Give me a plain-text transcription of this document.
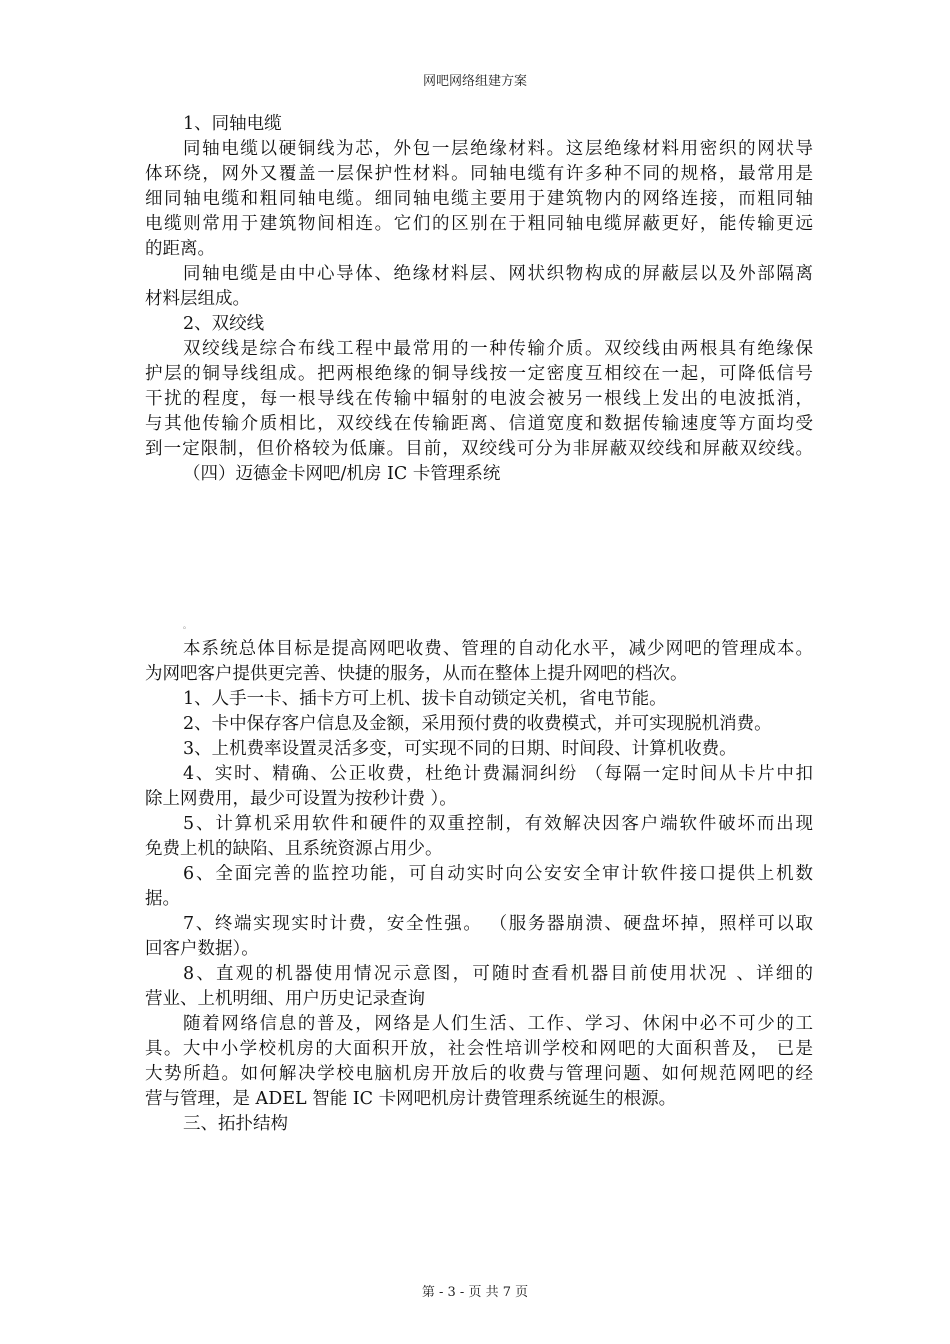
网吧网络组建方案
1、同轴电缆
同轴电缆以硬铜线为芯，外包一层绝缘材料。这层绝缘材料用密织的网状导
体环绕，网外又覆盖一层保护性材料。同轴电缆有许多种不同的规格，最常用是
细同轴电缆和粗同轴电缆。细同轴电缆主要用于建筑物内的网络连接，而粗同轴
电缆则常用于建筑物间相连。它们的区别在于粗同轴电缆屏蔽更好，能传输更远
的距离。
同轴电缆是由中心导体、绝缘材料层、网状织物构成的屏蔽层以及外部隔离
材料层组成。
2、双绞线
双绞线是综合布线工程中最常用的一种传输介质。双绞线由两根具有绝缘保
护层的铜导线组成。把两根绝缘的铜导线按一定密度互相绞在一起，可降低信号
干扰的程度，每一根导线在传输中辐射的电波会被另一根线上发出的电波抵消，
与其他传输介质相比，双绞线在传输距离、信道宽度和数据传输速度等方面均受
到一定限制，但价格较为低廉。目前，双绞线可分为非屏蔽双绞线和屏蔽双绞线。
（四）迈德金卡网吧/机房 IC 卡管理系统
。
本系统总体目标是提高网吧收费、管理的自动化水平，减少网吧的管理成本。
为网吧客户提供更完善、快捷的服务，从而在整体上提升网吧的档次。
1、人手一卡、插卡方可上机、拔卡自动锁定关机，省电节能。
2、卡中保存客户信息及金额，采用预付费的收费模式，并可实现脱机消费。
3、上机费率设置灵活多变，可实现不同的日期、时间段、计算机收费。
4、实时、精确、公正收费，杜绝计费漏洞纠纷 （每隔一定时间从卡片中扣
除上网费用，最少可设置为按秒计费 ）。
5、计算机采用软件和硬件的双重控制，有效解决因客户端软件破坏而出现
免费上机的缺陷、且系统资源占用少。
6、全面完善的监控功能，可自动实时向公安安全审计软件接口提供上机数
据。
7、终端实现实时计费，安全性强。 （服务器崩溃、硬盘坏掉，照样可以取
回客户数据）。
8、直观的机器使用情况示意图，可随时查看机器目前使用状况 、详细的
营业、上机明细、用户历史记录查询
随着网络信息的普及，网络是人们生活、工作、学习、休闲中必不可少的工
具。大中小学校机房的大面积开放，社会性培训学校和网吧的大面积普及， 已是
大势所趋。如何解决学校电脑机房开放后的收费与管理问题、如何规范网吧的经
营与管理，是 ADEL 智能 IC 卡网吧机房计费管理系统诞生的根源。
三、拓扑结构
第 - 3 - 页 共 7 页
